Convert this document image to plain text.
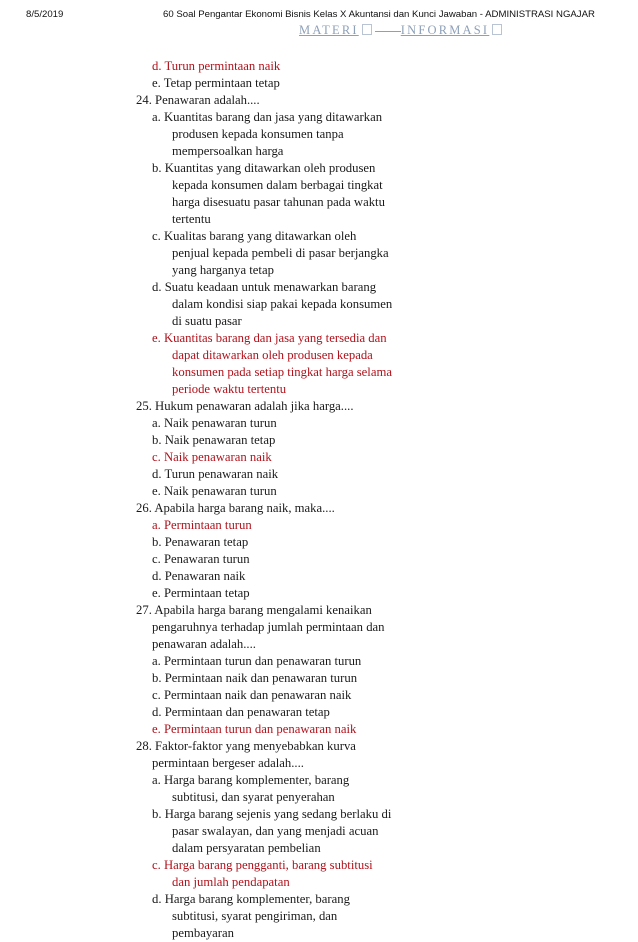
8/5/2019	60 Soal Pengantar Ekonomi Bisnis Kelas X Akuntansi dan Kunci Jawaban - ADMINISTRASI NGAJAR
MATERI	INFORMASI
d. Turun permintaan naik
e. Tetap permintaan tetap
24. Penawaran adalah....
a. Kuantitas barang dan jasa yang ditawarkan
produsen kepada konsumen tanpa
mempersoalkan harga
b. Kuantitas yang ditawarkan oleh produsen
kepada konsumen dalam berbagai tingkat
harga disesuatu pasar tahunan pada waktu
tertentu
c. Kualitas barang yang ditawarkan oleh
penjual kepada pembeli di pasar berjangka
yang harganya tetap
d. Suatu keadaan untuk menawarkan barang
dalam kondisi siap pakai kepada konsumen
di suatu pasar
e. Kuantitas barang dan jasa yang tersedia dan
dapat ditawarkan oleh produsen kepada
konsumen pada setiap tingkat harga selama
periode waktu tertentu
25. Hukum penawaran adalah jika harga....
a. Naik penawaran turun
b. Naik penawaran tetap
c. Naik penawaran naik
d. Turun penawaran naik
e. Naik penawaran turun
26. Apabila harga barang naik, maka....
a. Permintaan turun
b. Penawaran tetap
c. Penawaran turun
d. Penawaran naik
e. Permintaan tetap
27. Apabila harga barang mengalami kenaikan
pengaruhnya terhadap jumlah permintaan dan
penawaran adalah....
a. Permintaan turun dan penawaran turun
b. Permintaan naik dan penawaran turun
c. Permintaan naik dan penawaran naik
d. Permintaan dan penawaran tetap
e. Permintaan turun dan penawaran naik
28. Faktor-faktor yang menyebabkan kurva
permintaan bergeser adalah....
a. Harga barang komplementer, barang
subtitusi, dan syarat penyerahan
b. Harga barang sejenis yang sedang berlaku di
pasar swalayan, dan yang menjadi acuan
dalam persyaratan pembelian
c. Harga barang pengganti, barang subtitusi
dan jumlah pendapatan
d. Harga barang komplementer, barang
subtitusi, syarat pengiriman, dan
pembayaran
